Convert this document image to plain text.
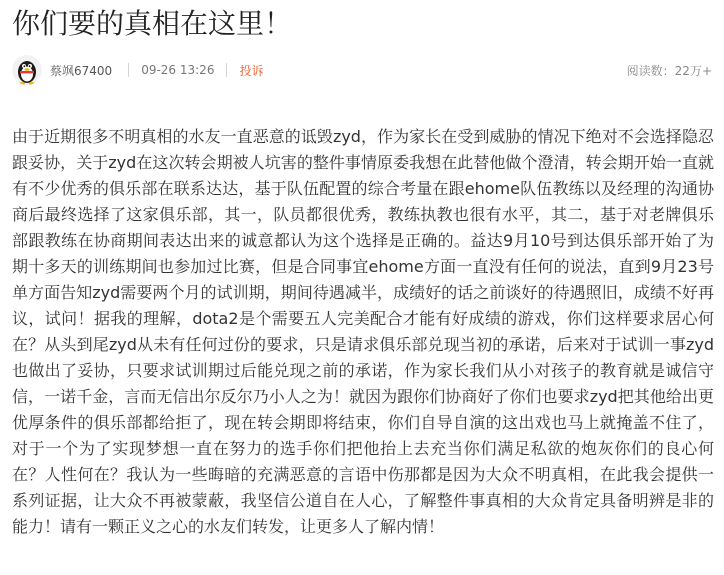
你们要的真相在这里！
蔡飒67400 09-26 13:26 投诉	阅读数：22万+

由于近期很多不明真相的水友一直恶意的诋毁zyd，作为家长在受到威胁的情况下绝对不会选择隐忍跟妥协，关于zyd在这次转会期被人坑害的整件事情原委我想在此替他做个澄清，转会期开始一直就有不少优秀的俱乐部在联系达达，基于队伍配置的综合考量在跟ehome队伍教练以及经理的沟通协商后最终选择了这家俱乐部，其一，队员都很优秀，教练执教也很有水平，其二，基于对老牌俱乐部跟教练在协商期间表达出来的诚意都认为这个选择是正确的。益达9月10号到达俱乐部开始了为期十多天的训练期间也参加过比赛，但是合同事宜ehome方面一直没有任何的说法，直到9月23号单方面告知zyd需要两个月的试训期，期间待遇减半，成绩好的话之前谈好的待遇照旧，成绩不好再议，试问！据我的理解，dota2是个需要五人完美配合才能有好成绩的游戏，你们这样要求居心何在？从头到尾zyd从未有任何过份的要求，只是请求俱乐部兑现当初的承诺，后来对于试训一事zyd也做出了妥协，只要求试训期过后能兑现之前的承诺，作为家长我们从小对孩子的教育就是诚信守信，一诺千金，言而无信出尔反尔乃小人之为！就因为跟你们协商好了你们也要求zyd把其他给出更优厚条件的俱乐部都给拒了，现在转会期即将结束，你们自导自演的这出戏也马上就掩盖不住了，对于一个为了实现梦想一直在努力的选手你们把他抬上去充当你们满足私欲的炮灰你们的良心何在？人性何在？我认为一些晦暗的充满恶意的言语中伤那都是因为大众不明真相，在此我会提供一系列证据，让大众不再被蒙蔽，我坚信公道自在人心，了解整件事真相的大众肯定具备明辨是非的能力！请有一颗正义之心的水友们转发，让更多人了解内情！
